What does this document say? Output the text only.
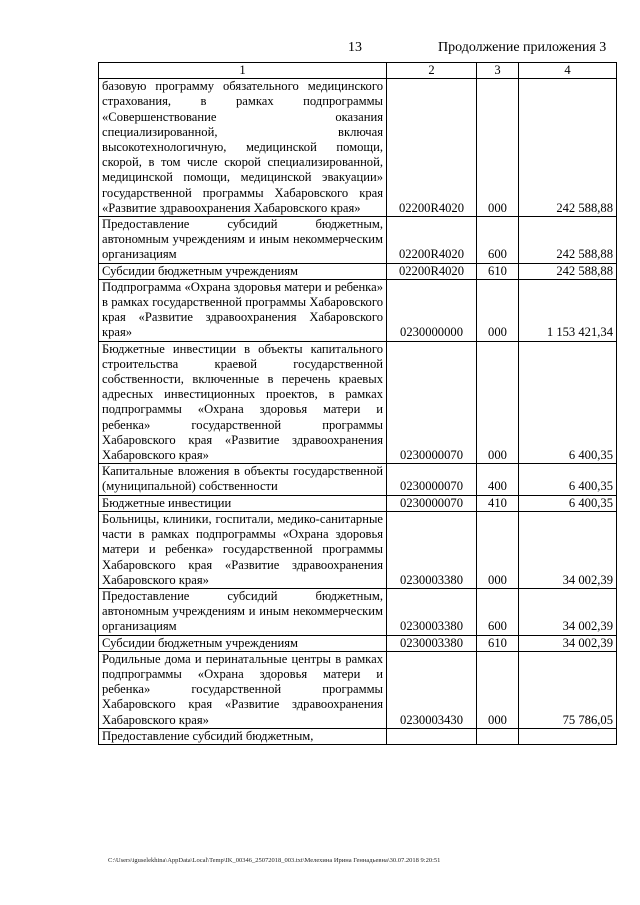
13	Продолжение приложения 3
1	2	3	4
базовую программу обязательного медицинского страхования, в рамках подпрограммы «Совершенствование оказания специализированной, включая высокотехнологичную, медицинской помощи, скорой, в том числе скорой специализированной, медицинской помощи, медицинской эвакуации» государственной программы Хабаровского края «Развитие здравоохранения Хабаровского края»	02200R4020	000	242 588,88
Предоставление субсидий бюджетным, автономным учреждениям и иным некоммерческим организациям	02200R4020	600	242 588,88
Субсидии бюджетным учреждениям	02200R4020	610	242 588,88
Подпрограмма «Охрана здоровья матери и ребенка» в рамках государственной программы Хабаровского края «Развитие здравоохранения Хабаровского края»	0230000000	000	1 153 421,34
Бюджетные инвестиции в объекты капитального строительства краевой государственной собственности, включенные в перечень краевых адресных инвестиционных проектов, в рамках подпрограммы «Охрана здоровья матери и ребенка» государственной программы Хабаровского края «Развитие здравоохранения Хабаровского края»	0230000070	000	6 400,35
Капитальные вложения в объекты государственной (муниципальной) собственности	0230000070	400	6 400,35
Бюджетные инвестиции	0230000070	410	6 400,35
Больницы, клиники, госпитали, медико-санитарные части в рамках подпрограммы «Охрана здоровья матери и ребенка» государственной программы Хабаровского края «Развитие здравоохранения Хабаровского края»	0230003380	000	34 002,39
Предоставление субсидий бюджетным, автономным учреждениям и иным некоммерческим организациям	0230003380	600	34 002,39
Субсидии бюджетным учреждениям	0230003380	610	34 002,39
Родильные дома и перинатальные центры в рамках подпрограммы «Охрана здоровья матери и ребенка» государственной программы Хабаровского края «Развитие здравоохранения Хабаровского края»	0230003430	000	75 786,05
Предоставление субсидий бюджетным,			
C:\Users\iguselekhina\AppData\Local\Temp\IK_00346_25072018_003.txt\Мелехина Ирина Геннадьевна\30.07.2018 9:20:51
